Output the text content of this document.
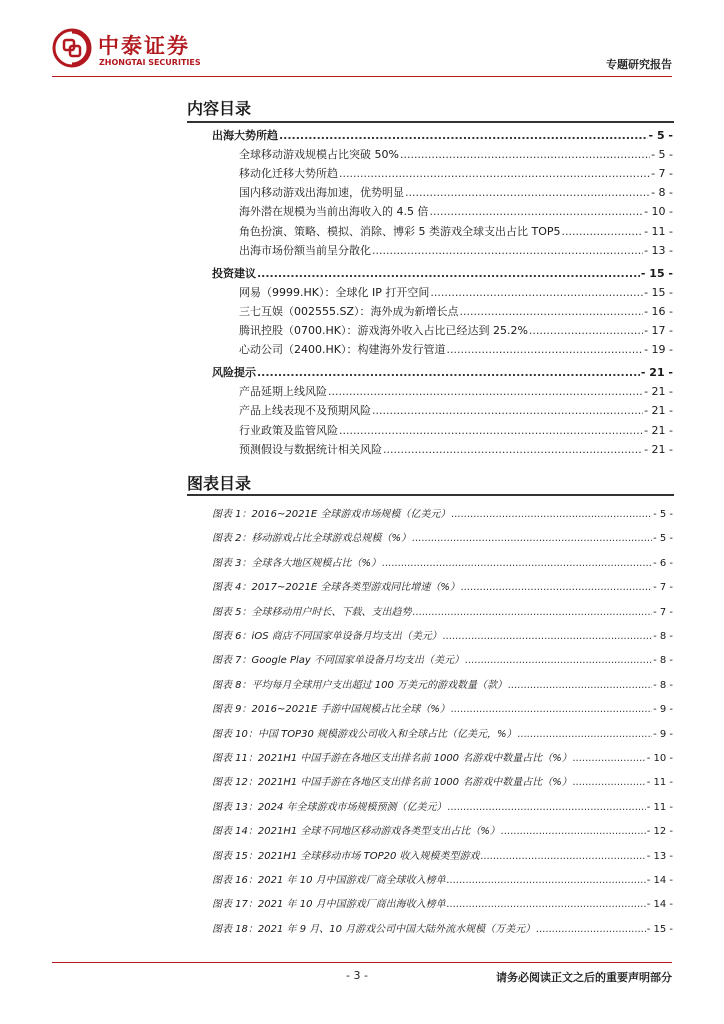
中泰证券
ZHONGTAI SECURITIES	专题研究报告
内容目录
出海大势所趋 .....	- 5 -
全球移动游戏规模占比突破 50% .....	- 5 -
移动化迁移大势所趋 .....	- 7 -
国内移动游戏出海加速，优势明显 .....	- 8 -
海外潜在规模为当前出海收入的 4.5 倍 .....	- 10 -
角色扮演、策略、模拟、消除、博彩 5 类游戏全球支出占比 TOP5 .....	- 11 -
出海市场份额当前呈分散化 .....	- 13 -
投资建议 .....	- 15 -
网易（9999.HK）：全球化 IP 打开空间 .....	- 15 -
三七互娱（002555.SZ）：海外成为新增长点 .....	- 16 -
腾讯控股（0700.HK）：游戏海外收入占比已经达到 25.2% .....	- 17 -
心动公司（2400.HK）：构建海外发行管道 .....	- 19 -
风险提示 .....	- 21 -
产品延期上线风险 .....	- 21 -
产品上线表现不及预期风险 .....	- 21 -
行业政策及监管风险 .....	- 21 -
预测假设与数据统计相关风险 .....	- 21 -
图表目录
图表 1：2016~2021E 全球游戏市场规模（亿美元） .....	- 5 -
图表 2：移动游戏占比全球游戏总规模（%） .....	- 5 -
图表 3：全球各大地区规模占比（%） .....	- 6 -
图表 4：2017~2021E 全球各类型游戏同比增速（%） .....	- 7 -
图表 5：全球移动用户时长、下载、支出趋势 .....	- 7 -
图表 6：iOS 商店不同国家单设备月均支出（美元） .....	- 8 -
图表 7：Google Play 不同国家单设备月均支出（美元） .....	- 8 -
图表 8：平均每月全球用户支出超过 100 万美元的游戏数量（款） .....	- 8 -
图表 9：2016~2021E 手游中国规模占比全球（%） .....	- 9 -
图表 10：中国 TOP30 规模游戏公司收入和全球占比（亿美元，%） .....	- 9 -
图表 11：2021H1 中国手游在各地区支出排名前 1000 名游戏中数量占比（%） .....	- 10 -
图表 12：2021H1 中国手游在各地区支出排名前 1000 名游戏中数量占比（%） .....	- 11 -
图表 13：2024 年全球游戏市场规模预测（亿美元） .....	- 11 -
图表 14：2021H1 全球不同地区移动游戏各类型支出占比（%） .....	- 12 -
图表 15：2021H1 全球移动市场 TOP20 收入规模类型游戏 .....	- 13 -
图表 16：2021 年 10 月中国游戏厂商全球收入榜单 .....	- 14 -
图表 17：2021 年 10 月中国游戏厂商出海收入榜单 .....	- 14 -
图表 18：2021 年 9 月、10 月游戏公司中国大陆外流水规模（万美元） .....	- 15 -
- 3 -	请务必阅读正文之后的重要声明部分
